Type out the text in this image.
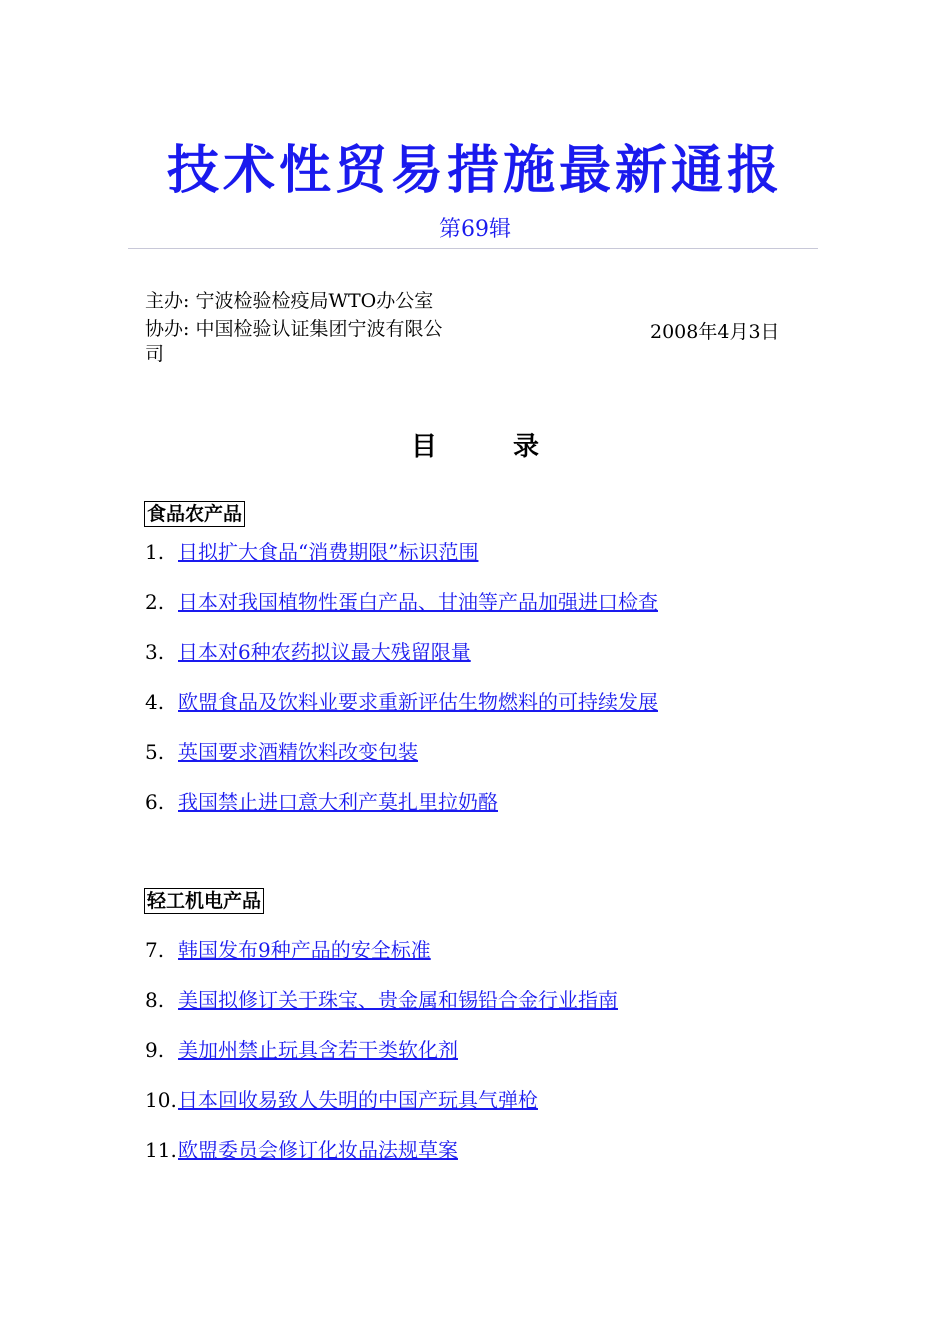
技术性贸易措施最新通报
第69辑
主办: 宁波检验检疫局WTO办公室
协办: 中国检验认证集团宁波有限公	2008年4月3日
司
目	录
食品农产品
1. 日拟扩大食品“消费期限”标识范围
2. 日本对我国植物性蛋白产品、甘油等产品加强进口检查
3. 日本对6种农药拟议最大残留限量
4. 欧盟食品及饮料业要求重新评估生物燃料的可持续发展
5. 英国要求酒精饮料改变包装
6. 我国禁止进口意大利产莫扎里拉奶酪
轻工机电产品
7. 韩国发布9种产品的安全标准
8. 美国拟修订关于珠宝、贵金属和锡铅合金行业指南
9. 美加州禁止玩具含若干类软化剂
10.日本回收易致人失明的中国产玩具气弹枪
11.欧盟委员会修订化妆品法规草案
